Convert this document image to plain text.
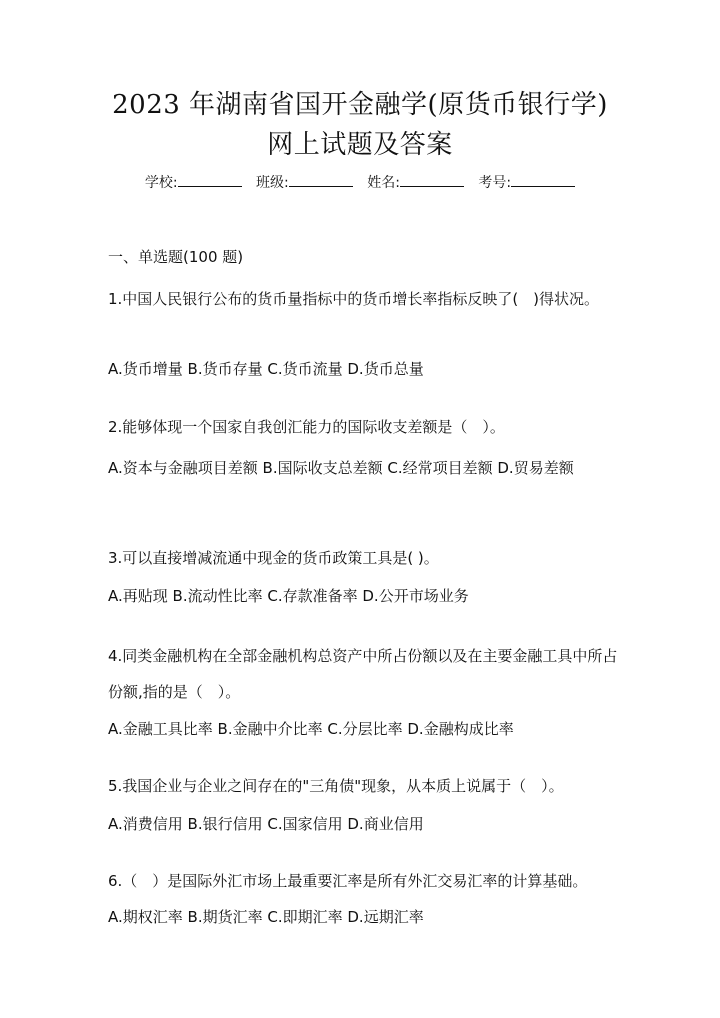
2023 年湖南省国开金融学(原货币银行学)
网上试题及答案
学校:	班级:	姓名:	考号:
一、单选题(100 题)
1.中国人民银行公布的货币量指标中的货币增长率指标反映了(　)得状况。
A.货币增量 B.货币存量 C.货币流量 D.货币总量
2.能够体现一个国家自我创汇能力的国际收支差额是（　）。
A.资本与金融项目差额 B.国际收支总差额 C.经常项目差额 D.贸易差额
3.可以直接增减流通中现金的货币政策工具是( )。
A.再贴现 B.流动性比率 C.存款准备率 D.公开市场业务
4.同类金融机构在全部金融机构总资产中所占份额以及在主要金融工具中所占份额,指的是（　）。
A.金融工具比率 B.金融中介比率 C.分层比率 D.金融构成比率
5.我国企业与企业之间存在的"三角债"现象，从本质上说属于（　）。
A.消费信用 B.银行信用 C.国家信用 D.商业信用
6.（　）是国际外汇市场上最重要汇率是所有外汇交易汇率的计算基础。
A.期权汇率 B.期货汇率 C.即期汇率 D.远期汇率
